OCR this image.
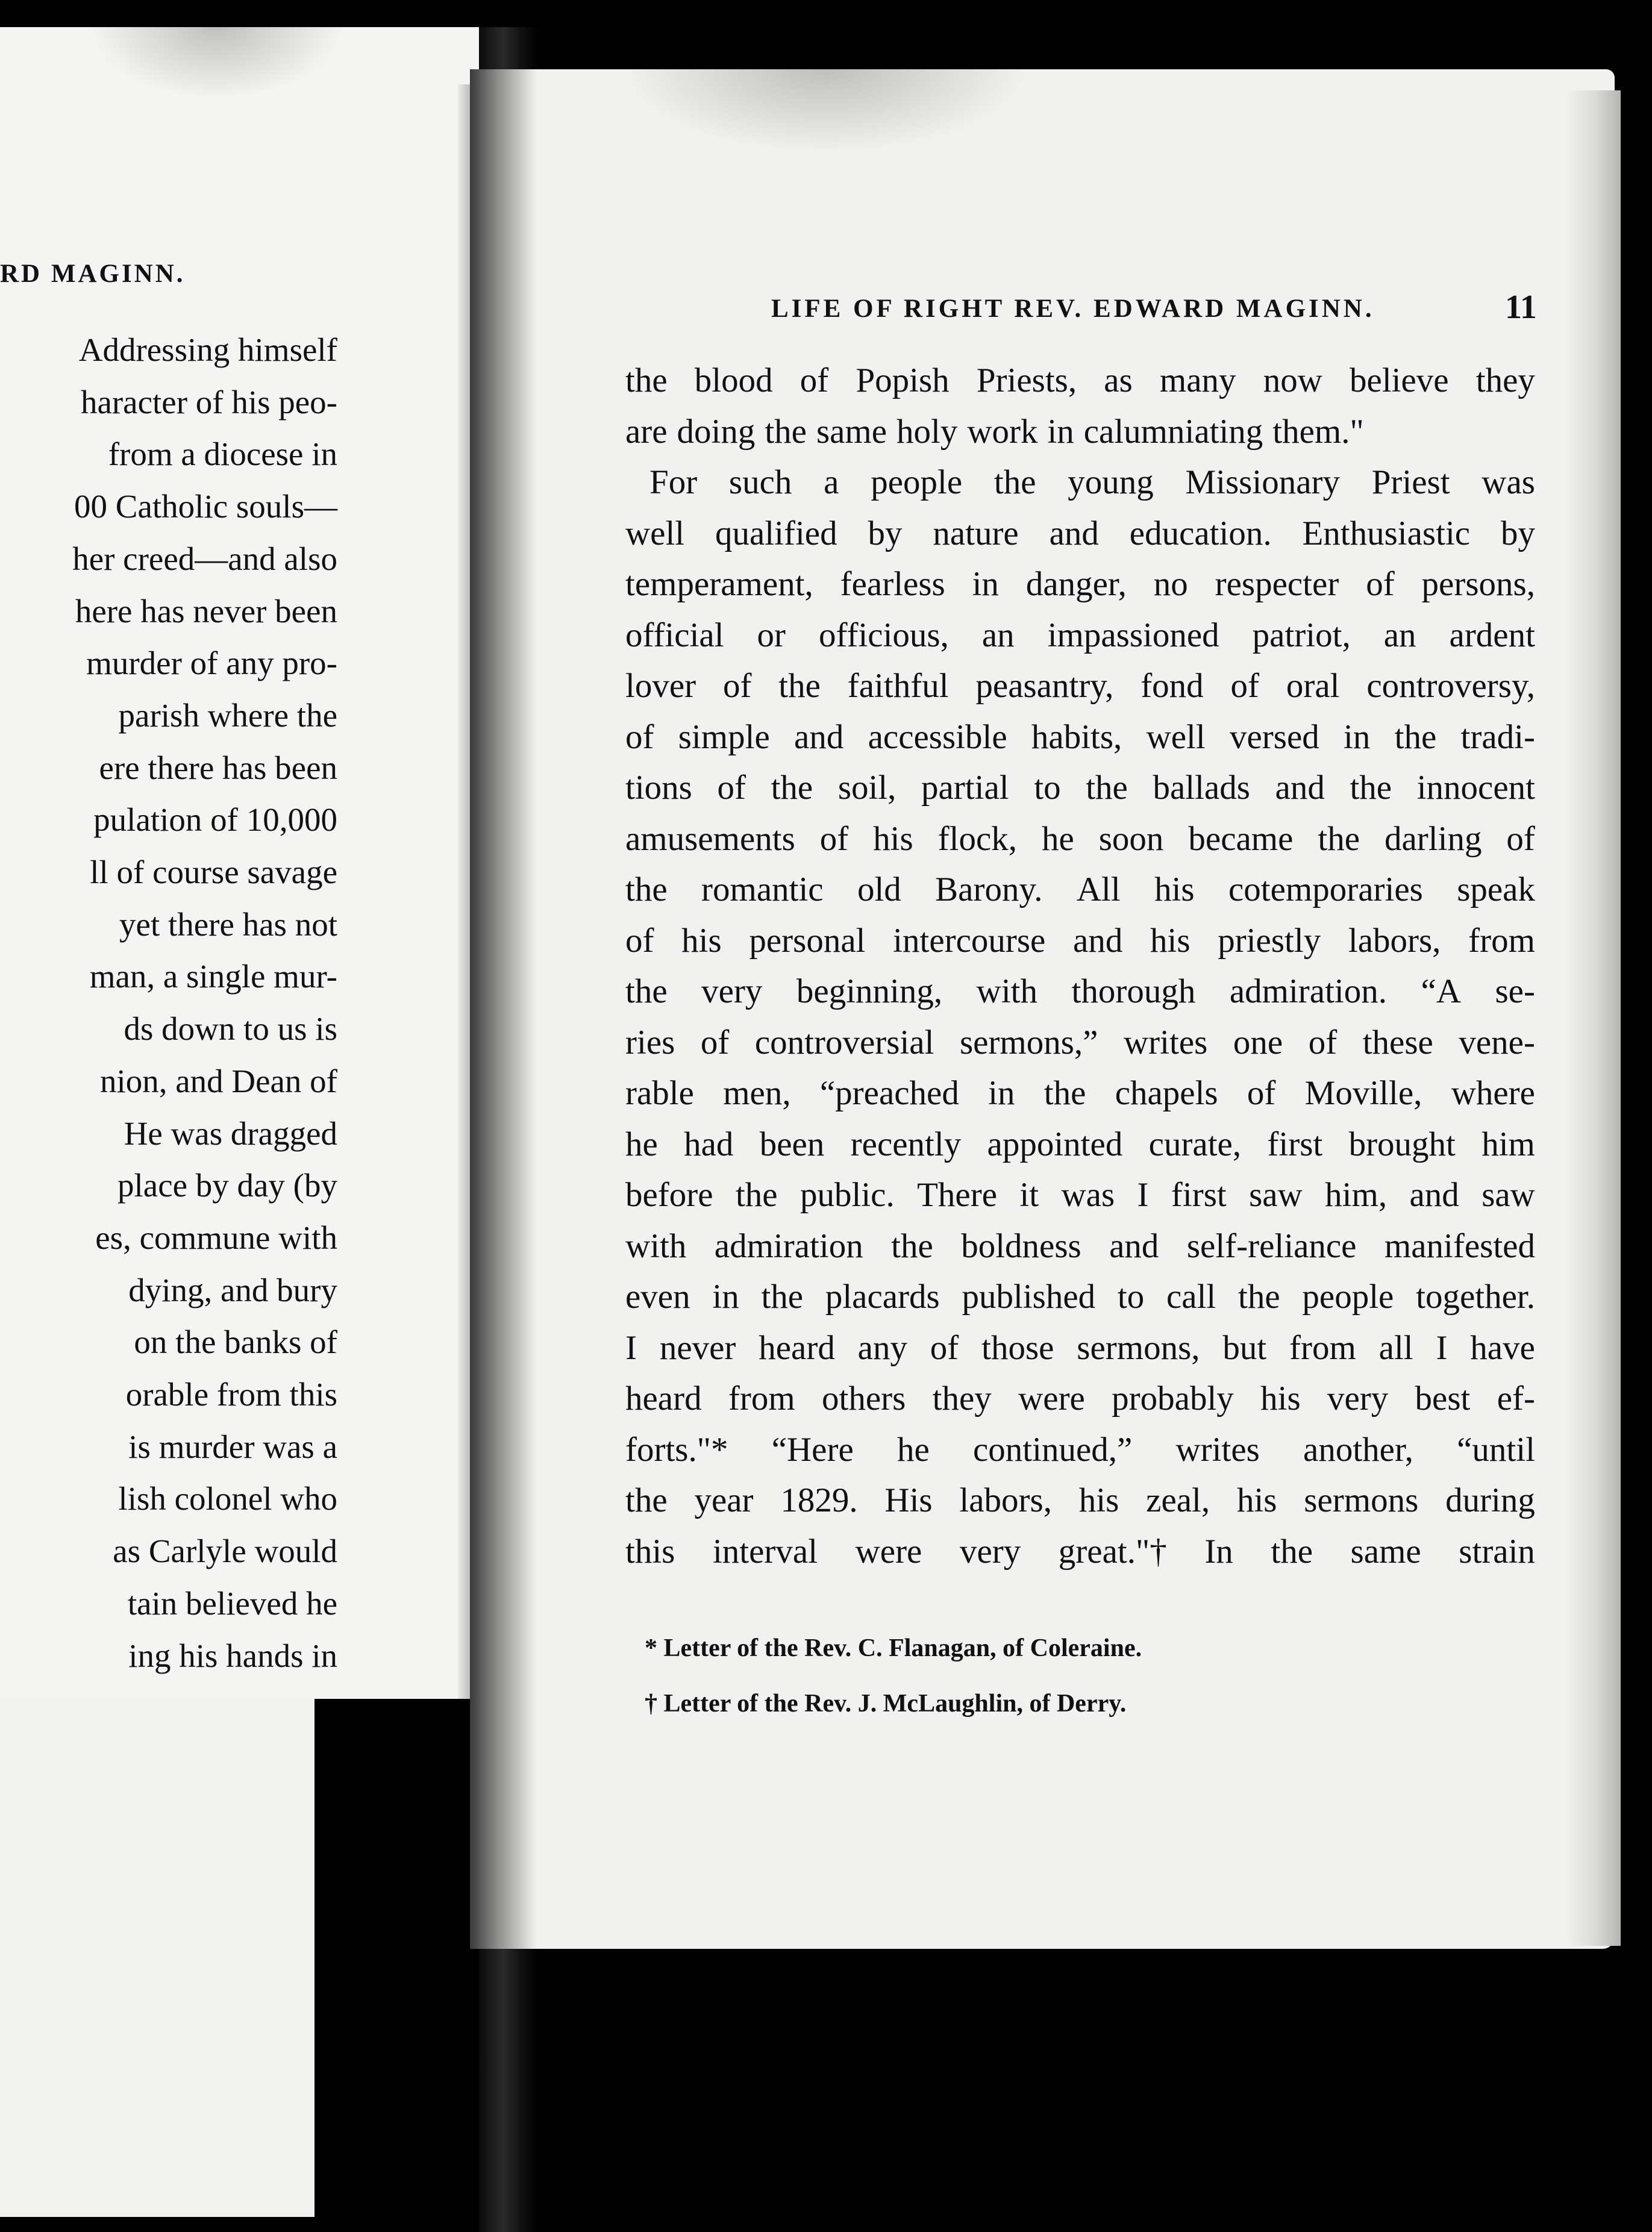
RD MAGINN.
Addressing himself
haracter of his peo-
from a diocese in
00 Catholic souls—
her creed—and also
here has never been
murder of any pro-
parish where the
ere there has been
pulation of 10,000
ll of course savage
yet there has not
man, a single mur-
ds down to us is
nion, and Dean of
He was dragged
place by day (by
es, commune with
dying, and bury
on the banks of
orable from this
is murder was a
lish colonel who
as Carlyle would
tain believed he
ing his hands in
LIFE OF RIGHT REV. EDWARD MAGINN.	11
the blood of Popish Priests, as many now believe they
are doing the same holy work in calumniating them."
For such a people the young Missionary Priest was
well qualified by nature and education. Enthusiastic by
temperament, fearless in danger, no respecter of persons,
official or officious, an impassioned patriot, an ardent
lover of the faithful peasantry, fond of oral controversy,
of simple and accessible habits, well versed in the tradi-
tions of the soil, partial to the ballads and the innocent
amusements of his flock, he soon became the darling of
the romantic old Barony. All his cotemporaries speak
of his personal intercourse and his priestly labors, from
the very beginning, with thorough admiration. “A se-
ries of controversial sermons,” writes one of these vene-
rable men, “preached in the chapels of Moville, where
he had been recently appointed curate, first brought him
before the public. There it was I first saw him, and saw
with admiration the boldness and self-reliance manifested
even in the placards published to call the people together.
I never heard any of those sermons, but from all I have
heard from others they were probably his very best ef-
forts."* “Here he continued,” writes another, “until
the year 1829. His labors, his zeal, his sermons during
this interval were very great."† In the same strain
* Letter of the Rev. C. Flanagan, of Coleraine.
† Letter of the Rev. J. McLaughlin, of Derry.
